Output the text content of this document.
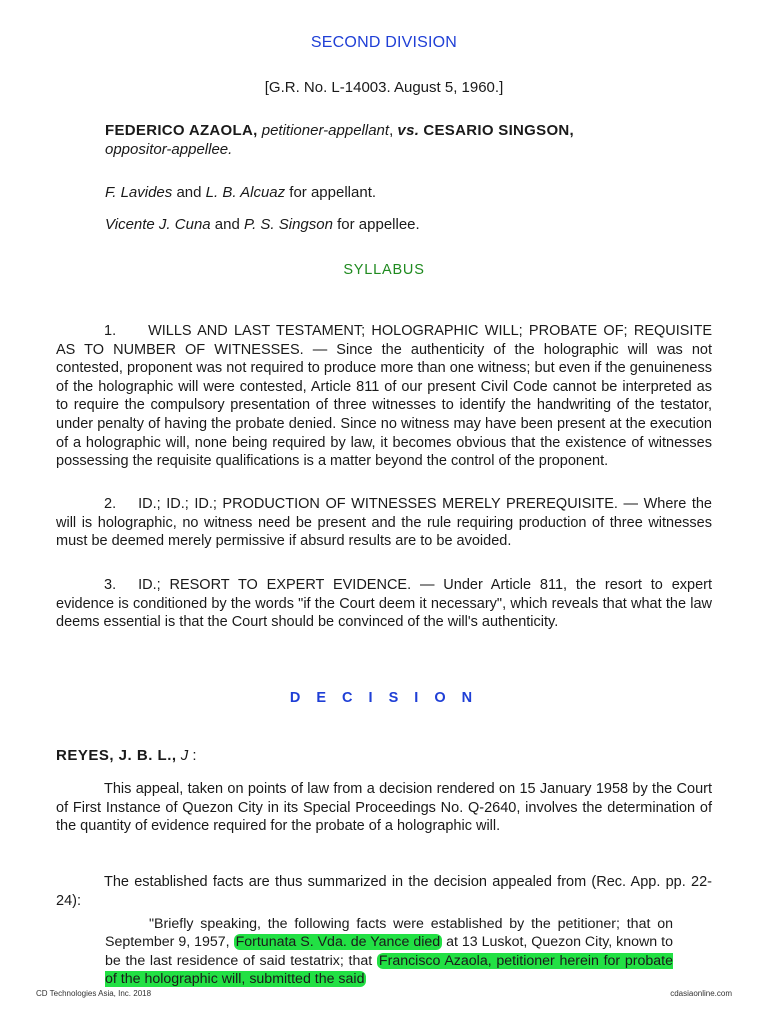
SECOND DIVISION
[G.R. No. L-14003. August 5, 1960.]
FEDERICO AZAOLA, petitioner-appellant, vs. CESARIO SINGSON,
oppositor-appellee.
F. Lavides and L. B. Alcuaz for appellant.
Vicente J. Cuna and P. S. Singson for appellee.
SYLLABUS
1. WILLS AND LAST TESTAMENT; HOLOGRAPHIC WILL; PROBATE OF; REQUISITE AS TO NUMBER OF WITNESSES. — Since the authenticity of the holographic will was not contested, proponent was not required to produce more than one witness; but even if the genuineness of the holographic will were contested, Article 811 of our present Civil Code cannot be interpreted as to require the compulsory presentation of three witnesses to identify the handwriting of the testator, under penalty of having the probate denied. Since no witness may have been present at the execution of a holographic will, none being required by law, it becomes obvious that the existence of witnesses possessing the requisite qualifications is a matter beyond the control of the proponent.
2. ID.; ID.; ID.; PRODUCTION OF WITNESSES MERELY PREREQUISITE. — Where the will is holographic, no witness need be present and the rule requiring production of three witnesses must be deemed merely permissive if absurd results are to be avoided.
3. ID.; RESORT TO EXPERT EVIDENCE. — Under Article 811, the resort to expert evidence is conditioned by the words "if the Court deem it necessary", which reveals that what the law deems essential is that the Court should be convinced of the will's authenticity.
D E C I S I O N
REYES, J. B. L., J :
This appeal, taken on points of law from a decision rendered on 15 January 1958 by the Court of First Instance of Quezon City in its Special Proceedings No. Q-2640, involves the determination of the quantity of evidence required for the probate of a holographic will.
The established facts are thus summarized in the decision appealed from (Rec. App. pp. 22-24):
"Briefly speaking, the following facts were established by the petitioner; that on September 9, 1957, Fortunata S. Vda. de Yance died at 13 Luskot, Quezon City, known to be the last residence of said testatrix; that Francisco Azaola, petitioner herein for probate of the holographic will, submitted the said
CD Technologies Asia, Inc. 2018	cdasiaonline.com
